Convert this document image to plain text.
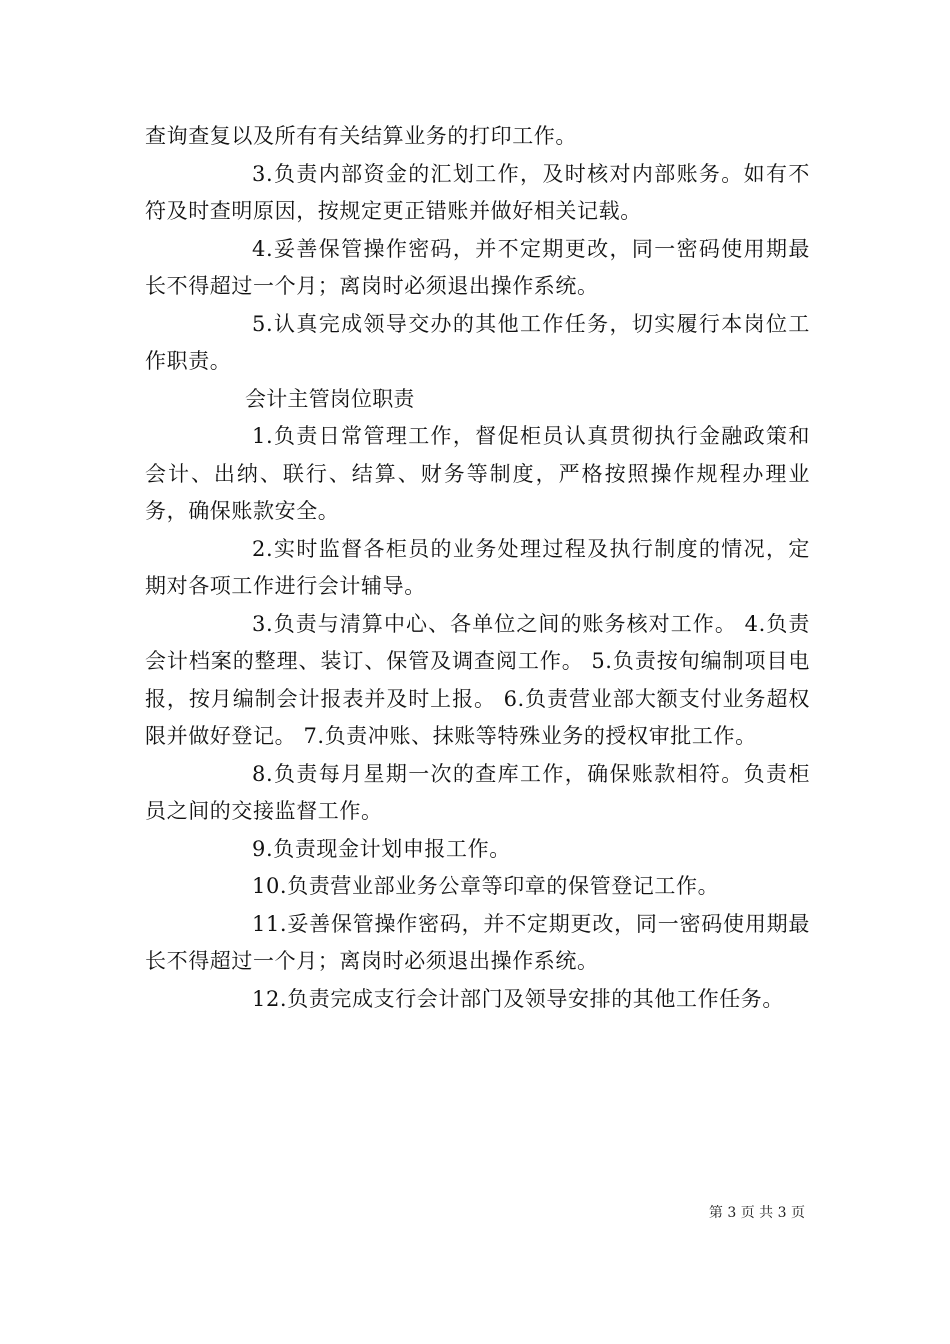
查询查复以及所有有关结算业务的打印工作。

3.负责内部资金的汇划工作，及时核对内部账务。如有不符及时查明原因，按规定更正错账并做好相关记载。

4.妥善保管操作密码，并不定期更改，同一密码使用期最长不得超过一个月；离岗时必须退出操作系统。

5.认真完成领导交办的其他工作任务，切实履行本岗位工作职责。

会计主管岗位职责

1.负责日常管理工作，督促柜员认真贯彻执行金融政策和会计、出纳、联行、结算、财务等制度，严格按照操作规程办理业务，确保账款安全。

2.实时监督各柜员的业务处理过程及执行制度的情况，定期对各项工作进行会计辅导。

3.负责与清算中心、各单位之间的账务核对工作。 4.负责会计档案的整理、装订、保管及调查阅工作。 5.负责按旬编制项目电报，按月编制会计报表并及时上报。 6.负责营业部大额支付业务超权限并做好登记。 7.负责冲账、抹账等特殊业务的授权审批工作。

8.负责每月星期一次的查库工作，确保账款相符。负责柜员之间的交接监督工作。

9.负责现金计划申报工作。

10.负责营业部业务公章等印章的保管登记工作。

11.妥善保管操作密码，并不定期更改，同一密码使用期最长不得超过一个月；离岗时必须退出操作系统。

12.负责完成支行会计部门及领导安排的其他工作任务。

第 3 页 共 3 页
